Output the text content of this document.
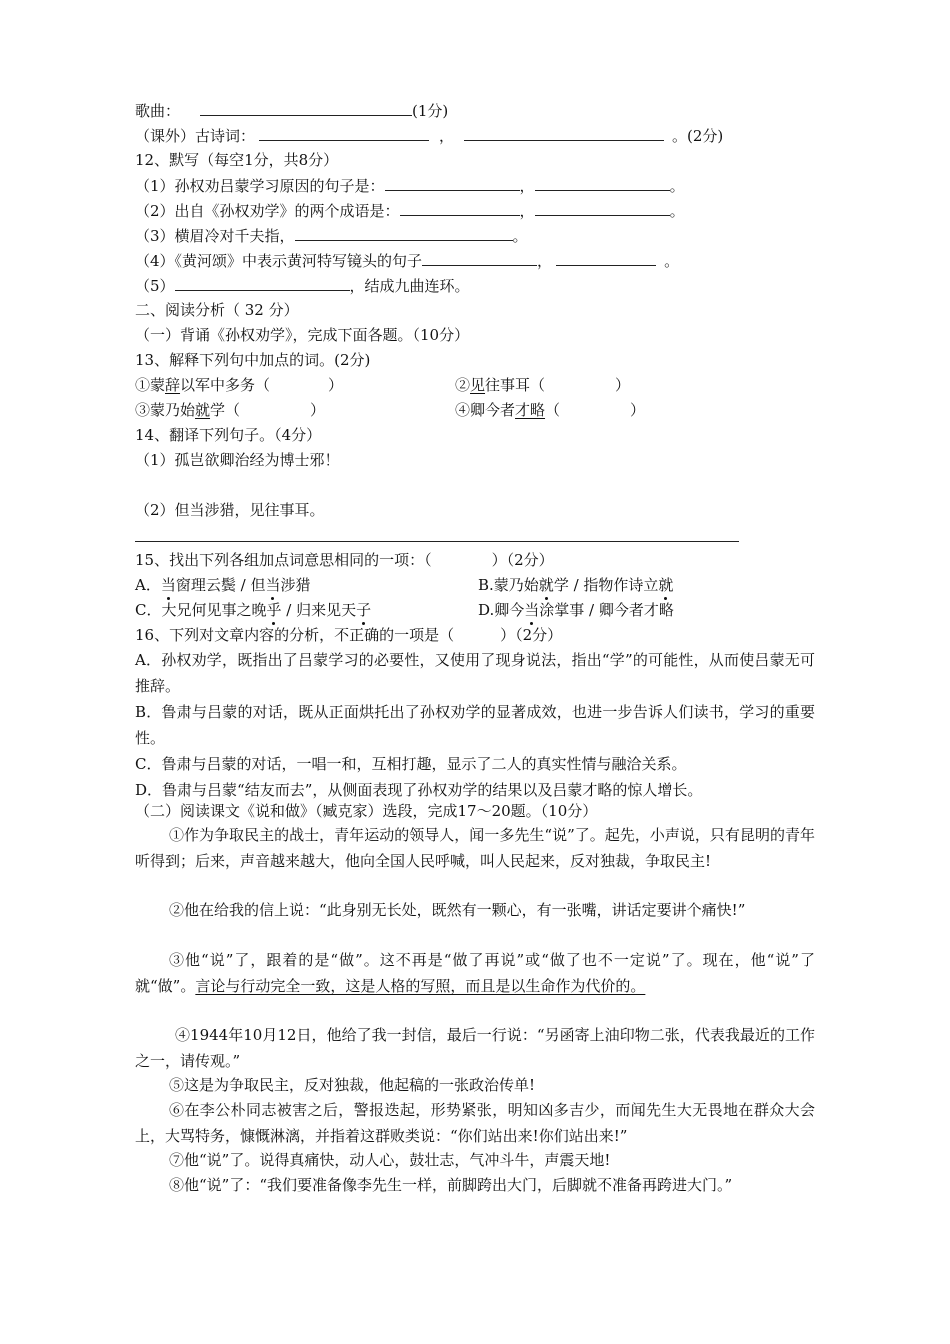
歌曲：	(1分)
（课外）古诗词：	，	。(2分)
12、默写（每空1分，共8分）
（1）孙权劝吕蒙学习原因的句子是：	，	。
（2）出自《孙权劝学》的两个成语是：	，	。
（3）横眉冷对千夫指，	。
（4）《黄河颂》中表示黄河特写镜头的句子	，	。
（5）	，结成九曲连环。
二、阅读分析（ 32 分）
（一）背诵《孙权劝学》，完成下面各题。（10分）
13、解释下列句中加点的词。(2分)
①蒙辞以军中多务（	）	②见往事耳（	）
③蒙乃始就学（	）	④卿今者才略（	）
14、翻译下列句子。（4分）
（1）孤岂欲卿治经为博士邪！
（2）但当涉猎，见往事耳。
15、找出下列各组加点词意思相同的一项：（	）（2分）
A．当窗理云鬓 / 但当涉猎	B.蒙乃始就学 / 指物作诗立就
C．大兄何见事之晚乎 / 归来见天子	D.卿今当涂掌事 / 卿今者才略
16、下列对文章内容的分析，不正确的一项是（	）（2分）
A．孙权劝学，既指出了吕蒙学习的必要性，又使用了现身说法，指出“学”的可能性，从而使吕蒙无可推辞。
B．鲁肃与吕蒙的对话，既从正面烘托出了孙权劝学的显著成效，也进一步告诉人们读书，学习的重要性。
C．鲁肃与吕蒙的对话，一唱一和，互相打趣，显示了二人的真实性情与融洽关系。
D．鲁肃与吕蒙“结友而去”，从侧面表现了孙权劝学的结果以及吕蒙才略的惊人增长。
（二）阅读课文《说和做》（臧克家）选段，完成17～20题。（10分）
①作为争取民主的战士，青年运动的领导人，闻一多先生“说”了。起先，小声说，只有昆明的青年听得到；后来，声音越来越大，他向全国人民呼喊，叫人民起来，反对独裁，争取民主!
②他在给我的信上说：“此身别无长处，既然有一颗心，有一张嘴，讲话定要讲个痛快!”
③他“说”了，跟着的是“做”。这不再是“做了再说”或“做了也不一定说”了。现在，他“说”了就“做”。言论与行动完全一致，这是人格的写照，而且是以生命作为代价的。
④1944年10月12日，他给了我一封信，最后一行说：“另函寄上油印物二张，代表我最近的工作之一，请传观。”
⑤这是为争取民主，反对独裁，他起稿的一张政治传单!
⑥在李公朴同志被害之后，警报迭起，形势紧张，明知凶多吉少，而闻先生大无畏地在群众大会上，大骂特务，慷慨淋漓，并指着这群败类说：“你们站出来!你们站出来!”
⑦他“说”了。说得真痛快，动人心，鼓壮志，气冲斗牛，声震天地!
⑧他“说”了：“我们要准备像李先生一样，前脚跨出大门，后脚就不准备再跨进大门。”
